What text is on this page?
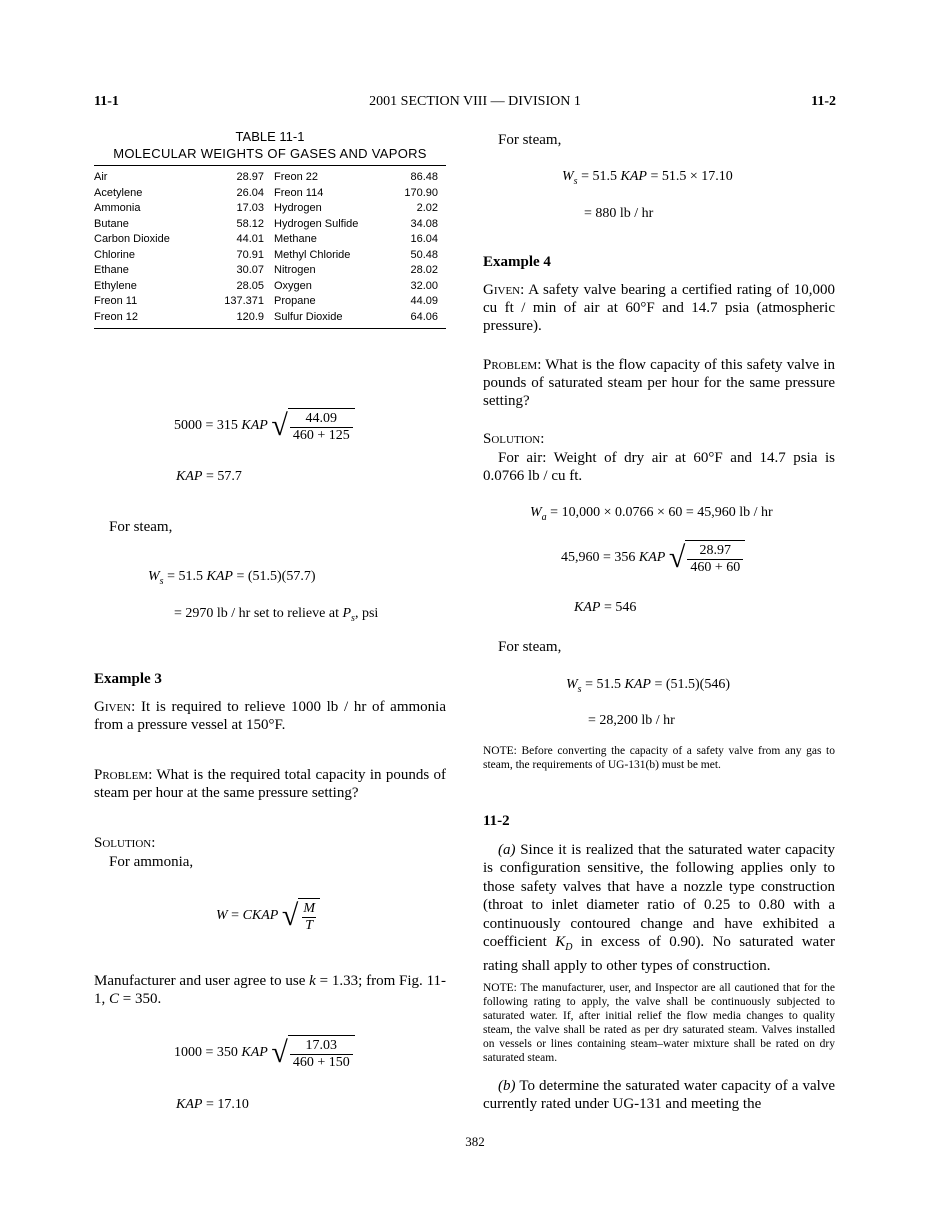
11-1	2001 SECTION VIII — DIVISION 1	11-2
TABLE 11-1
MOLECULAR WEIGHTS OF GASES AND VAPORS
Air	28.97 Freon 22	86.48
Acetylene	26.04 Freon 114	170.90
Ammonia	17.03 Hydrogen	2.02
Butane	58.12 Hydrogen Sulfide	34.08
Carbon Dioxide	44.01 Methane	16.04
Chlorine	70.91 Methyl Chloride	50.48
Ethane	30.07 Nitrogen	28.02
Ethylene	28.05 Oxygen	32.00
Freon 11	137.371 Propane	44.09
Freon 12	120.9 Sulfur Dioxide	64.06
5000 = 315 KAP √ $\frac{44.09}{460 + 125}$
KAP = 57.7
For steam,
$W_s = 51.5$ KAP = (51.5)(57.7)
= 2970 lb / hr set to relieve at $P_s$, psi
Example 3
Given: It is required to relieve 1000 lb / hr of ammonia from a pressure vessel at 150°F.
Problem: What is the required total capacity in pounds of steam per hour at the same pressure setting?
Solution:
For ammonia,
W = CKAP √ $\frac{M}{T}$
Manufacturer and user agree to use k = 1.33; from Fig. 11-1, C = 350.
1000 = 350 KAP √ $\frac{17.03}{460 + 150}$
KAP = 17.10
For steam,
$W_s = 51.5$ KAP = 51.5 × 17.10
= 880 lb / hr
Example 4
Given: A safety valve bearing a certified rating of 10,000 cu ft / min of air at 60°F and 14.7 psia (atmospheric pressure).
Problem: What is the flow capacity of this safety valve in pounds of saturated steam per hour for the same pressure setting?
Solution:
For air: Weight of dry air at 60°F and 14.7 psia is 0.0766 lb / cu ft.
$W_a = 10,000 \times 0.0766 \times 60 = 45,960$ lb / hr
45,960 = 356 KAP √ $\frac{28.97}{460 + 60}$
KAP = 546
For steam,
$W_s = 51.5$ KAP = (51.5)(546)
= 28,200 lb / hr
NOTE: Before converting the capacity of a safety valve from any gas to steam, the requirements of UG-131(b) must be met.
11-2
(a) Since it is realized that the saturated water capacity is configuration sensitive, the following applies only to those safety valves that have a nozzle type construction (throat to inlet diameter ratio of 0.25 to 0.80 with a continuously contoured change and have exhibited a coefficient $K_D$ in excess of 0.90). No saturated water rating shall apply to other types of construction.
NOTE: The manufacturer, user, and Inspector are all cautioned that for the following rating to apply, the valve shall be continuously subjected to saturated water. If, after initial relief the flow media changes to quality steam, the valve shall be rated as per dry saturated steam. Valves installed on vessels or lines containing steam–water mixture shall be rated on dry saturated steam.
(b) To determine the saturated water capacity of a valve currently rated under UG-131 and meeting the
382
